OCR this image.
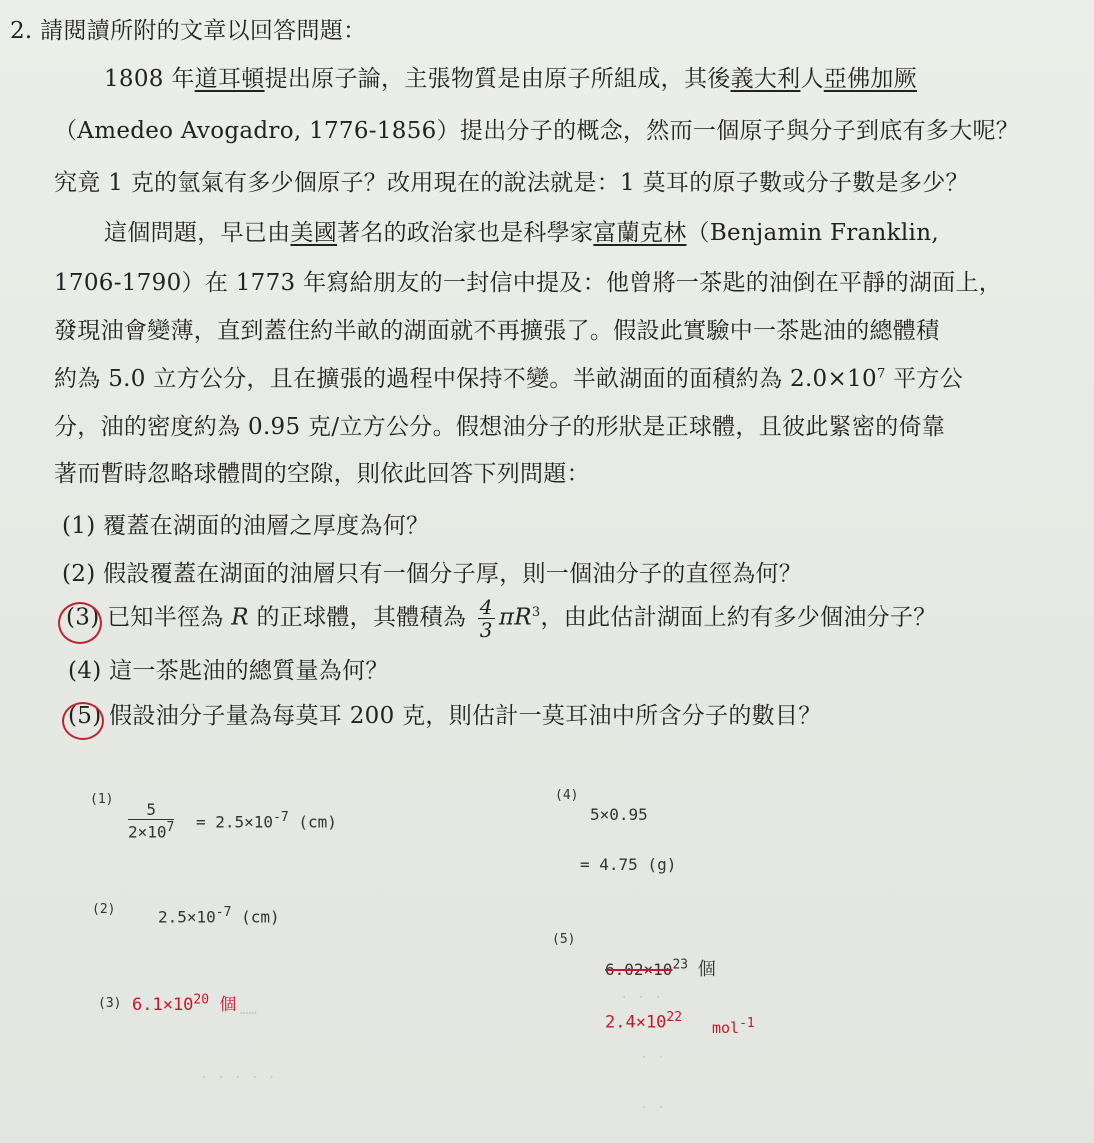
2. 請閱讀所附的文章以回答問題：
1808 年道耳頓提出原子論，主張物質是由原子所組成，其後義大利人亞佛加厥
（Amedeo Avogadro, 1776-1856）提出分子的概念，然而一個原子與分子到底有多大呢？
究竟 1 克的氫氣有多少個原子？改用現在的說法就是：1 莫耳的原子數或分子數是多少？
這個問題，早已由美國著名的政治家也是科學家富蘭克林（Benjamin Franklin,
1706-1790）在 1773 年寫給朋友的一封信中提及：他曾將一茶匙的油倒在平靜的湖面上，
發現油會變薄，直到蓋住約半畝的湖面就不再擴張了。假設此實驗中一茶匙油的總體積
約為 5.0 立方公分，且在擴張的過程中保持不變。半畝湖面的面積約為 $2.0\times 10^7$ 平方公
分，油的密度約為 0.95 克/立方公分。假想油分子的形狀是正球體，且彼此緊密的倚靠
著而暫時忽略球體間的空隙，則依此回答下列問題：
(1) 覆蓋在湖面的油層之厚度為何？
(2) 假設覆蓋在湖面的油層只有一個分子厚，則一個油分子的直徑為何？
(3) 已知半徑為 R 的正球體，其體積為 $\frac{4}{3} \pi R^3$，由此估計湖面上約有多少個油分子？
(4) 這一茶匙油的總質量為何？
(5) 假設油分子量為每莫耳 200 克，則估計一莫耳油中所含分子的數目？
(1)
$\frac{5}{2\times 10^7} = 2.5\times 10^{-7}$ (cm)
(2)	$2.5\times 10^{-7}$ (cm)
(3) $6.1\times 10^{20}$ 個 ……
(4)
5×0.95
= 4.75 (g)
(5)
$6.02\times 10^{23}$ 個
$2.4\times 10^{22}$
mol$^{-1}$
· · ·
· ·
· · · · ·
· ·
